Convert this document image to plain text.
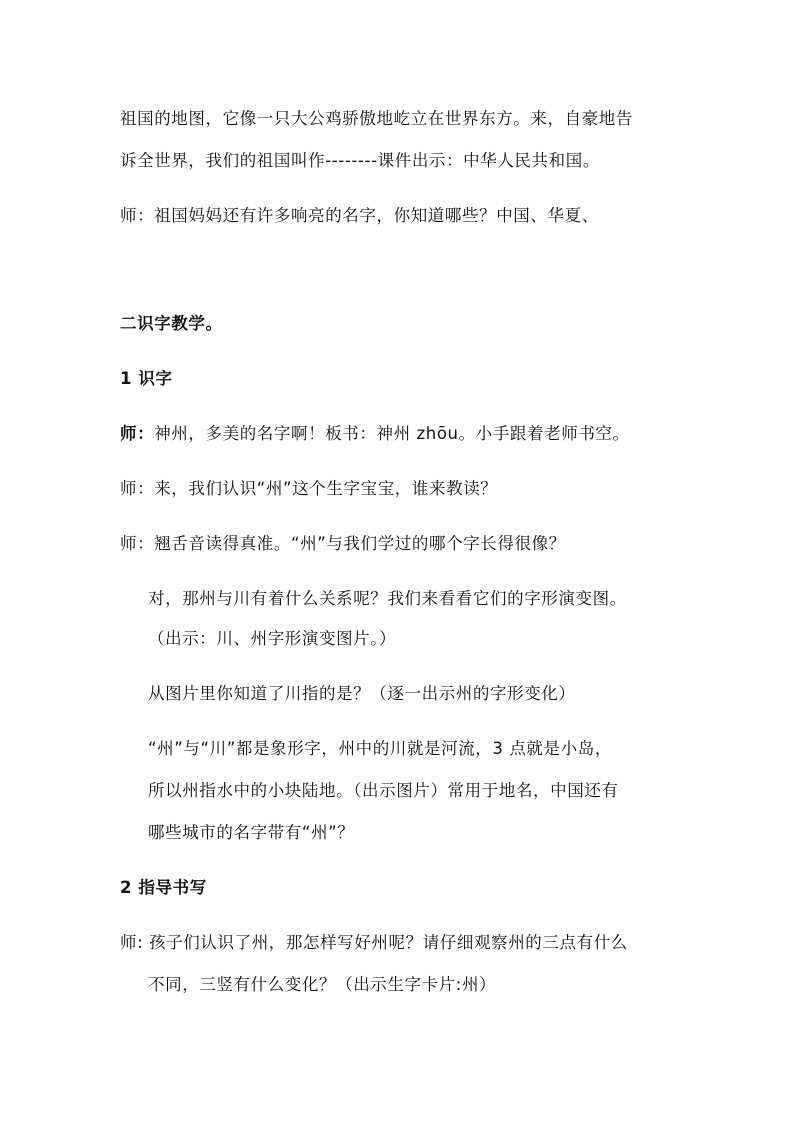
祖国的地图，它像一只大公鸡骄傲地屹立在世界东方。来，自豪地告
诉全世界，我们的祖国叫作--------课件出示：中华人民共和国。
师：祖国妈妈还有许多响亮的名字，你知道哪些？中国、华夏、
二识字教学。
1 识字
师：神州，多美的名字啊！板书：神州 zhōu。小手跟着老师书空。
师：来，我们认识“州”这个生字宝宝，谁来教读？
师：翘舌音读得真准。“州”与我们学过的哪个字长得很像？
对，那州与川有着什么关系呢？我们来看看它们的字形演变图。
（出示：川、州字形演变图片。）
从图片里你知道了川指的是？（逐一出示州的字形变化）
“州”与“川”都是象形字，州中的川就是河流，3 点就是小岛，
所以州指水中的小块陆地。（出示图片）常用于地名，中国还有
哪些城市的名字带有“州”？
2 指导书写
师: 孩子们认识了州，那怎样写好州呢？请仔细观察州的三点有什么
不同，三竖有什么变化？（出示生字卡片:州）
